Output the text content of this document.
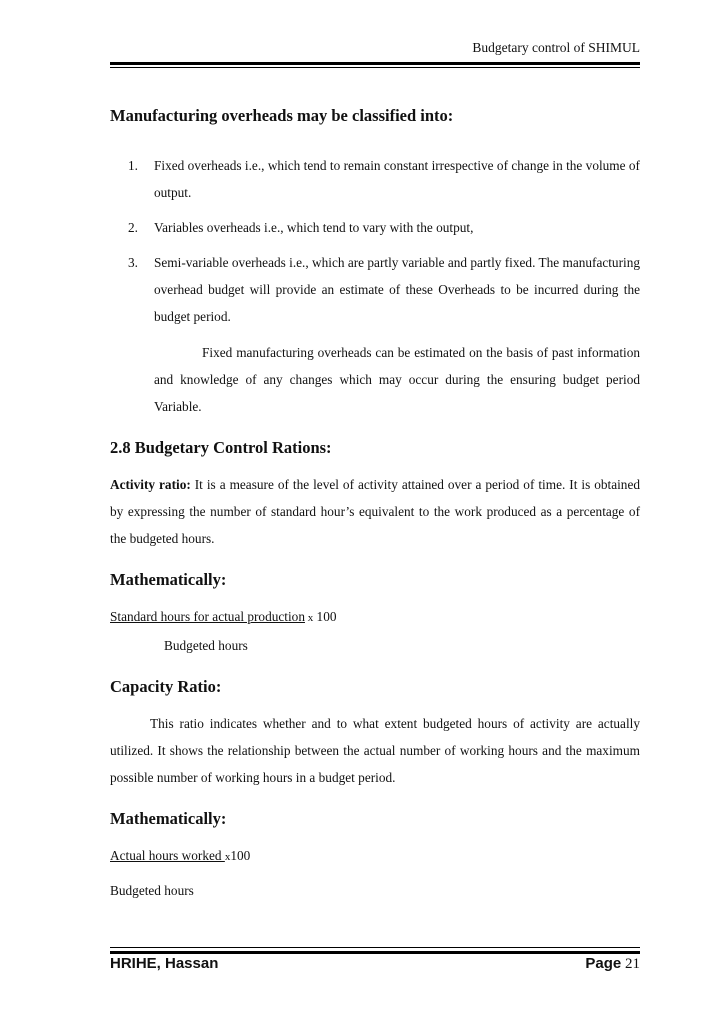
Budgetary control of SHIMUL
Manufacturing overheads may be classified into:
1. Fixed overheads i.e., which tend to remain constant irrespective of change in the volume of output.
2. Variables overheads i.e., which tend to vary with the output,
3. Semi-variable overheads i.e., which are partly variable and partly fixed. The manufacturing overhead budget will provide an estimate of these Overheads to be incurred during the budget period.

Fixed manufacturing overheads can be estimated on the basis of past information and knowledge of any changes which may occur during the ensuring budget period Variable.

2.8 Budgetary Control Rations:

Activity ratio: It is a measure of the level of activity attained over a period of time. It is obtained by expressing the number of standard hour’s equivalent to the work produced as a percentage of the budgeted hours.

Mathematically:
Standard hours for actual production x 100
Budgeted hours
Capacity Ratio:

This ratio indicates whether and to what extent budgeted hours of activity are actually utilized. It shows the relationship between the actual number of working hours and the maximum possible number of working hours in a budget period.

Mathematically:
Actual hours worked x100
Budgeted hours
HRIHE, Hassan	Page 21
